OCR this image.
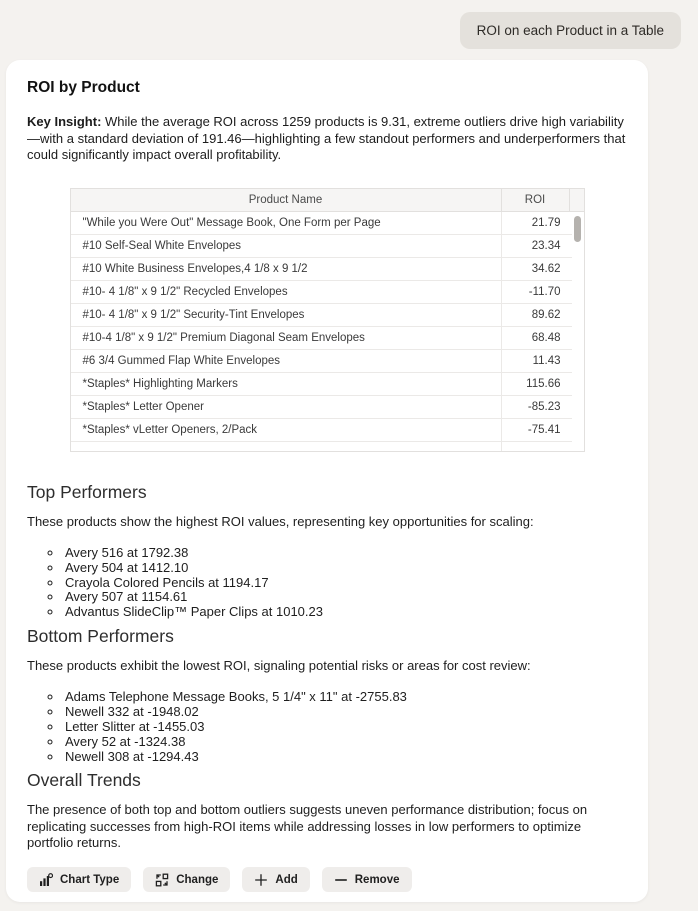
ROI on each Product in a Table
ROI by Product

Key Insight: While the average ROI across 1259 products is 9.31, extreme outliers drive high variability—with a standard deviation of 191.46—highlighting a few standout performers and underperformers that could significantly impact overall profitability.

Product Name	ROI
"While you Were Out" Message Book, One Form per Page	21.79
#10 Self-Seal White Envelopes	23.34
#10 White Business Envelopes,4 1/8 x 9 1/2	34.62
#10- 4 1/8" x 9 1/2" Recycled Envelopes	-11.70
#10- 4 1/8" x 9 1/2" Security-Tint Envelopes	89.62
#10-4 1/8" x 9 1/2" Premium Diagonal Seam Envelopes	68.48
#6 3/4 Gummed Flap White Envelopes	11.43
*Staples* Highlighting Markers	115.66
*Staples* Letter Opener	-85.23
*Staples* vLetter Openers, 2/Pack	-75.41
Top Performers

These products show the highest ROI values, representing key opportunities for scaling:

◦ Avery 516 at 1792.38
◦ Avery 504 at 1412.10
◦ Crayola Colored Pencils at 1194.17
◦ Avery 507 at 1154.61
◦ Advantus SlideClip™ Paper Clips at 1010.23
Bottom Performers

These products exhibit the lowest ROI, signaling potential risks or areas for cost review:

◦ Adams Telephone Message Books, 5 1/4" x 11" at -2755.83
◦ Newell 332 at -1948.02
◦ Letter Slitter at -1455.03
◦ Avery 52 at -1324.38
◦ Newell 308 at -1294.43
Overall Trends

The presence of both top and bottom outliers suggests uneven performance distribution; focus on replicating successes from high-ROI items while addressing losses in low performers to optimize portfolio returns.

Chart Type	Change	Add	Remove
